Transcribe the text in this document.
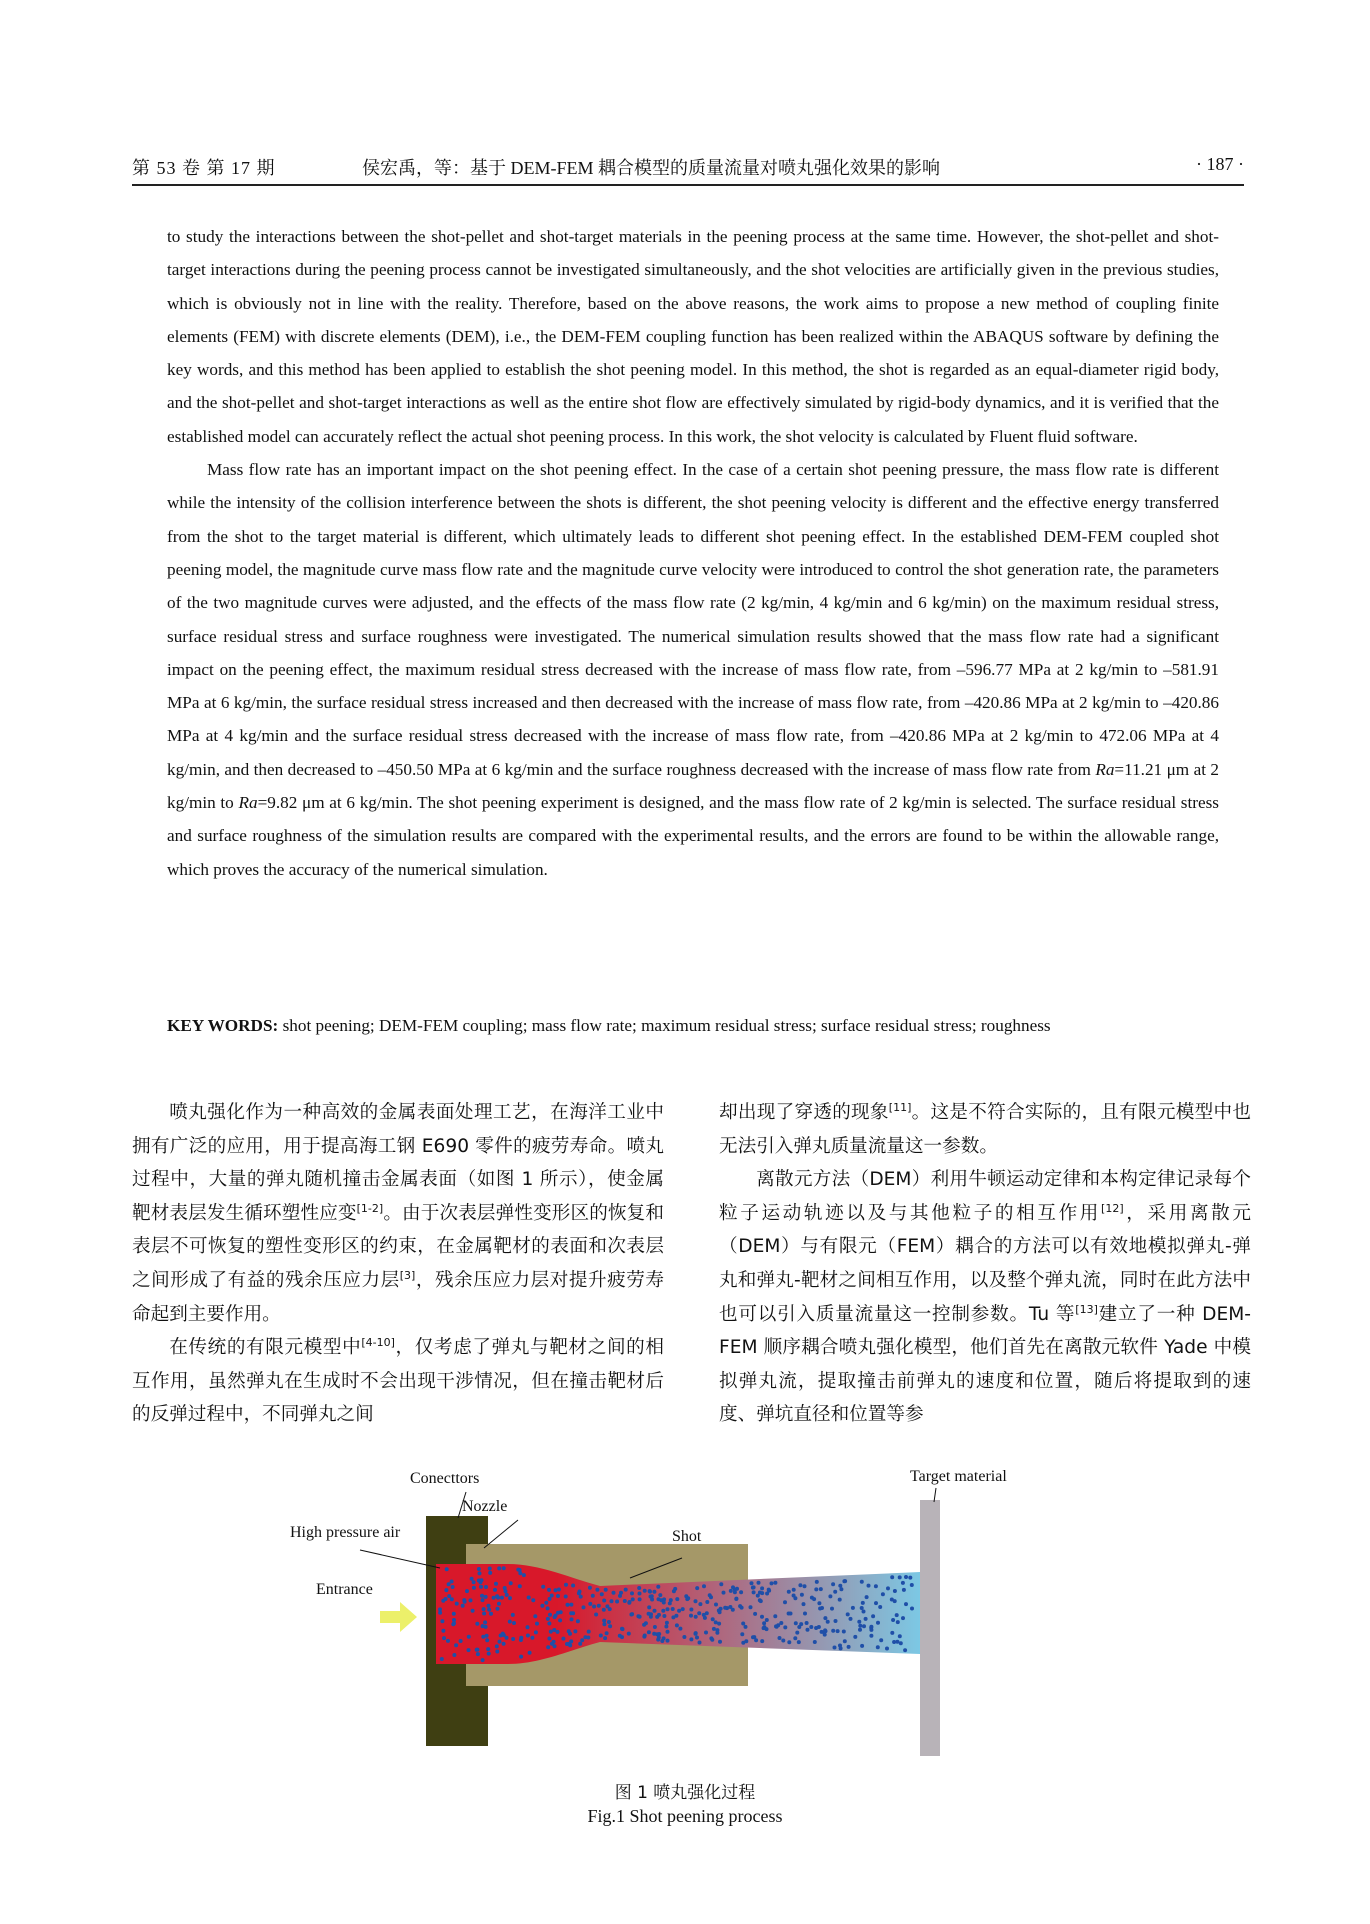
第 53 卷 第 17 期	侯宏禹，等：基于 DEM-FEM 耦合模型的质量流量对喷丸强化效果的影响	· 187 ·

to study the interactions between the shot-pellet and shot-target materials in the peening process at the same time. However, the shot-pellet and shot-target interactions during the peening process cannot be investigated simultaneously, and the shot velocities are artificially given in the previous studies, which is obviously not in line with the reality. Therefore, based on the above reasons, the work aims to propose a new method of coupling finite elements (FEM) with discrete elements (DEM), i.e., the DEM-FEM coupling function has been realized within the ABAQUS software by defining the key words, and this method has been applied to establish the shot peening model. In this method, the shot is regarded as an equal-diameter rigid body, and the shot-pellet and shot-target interactions as well as the entire shot flow are effectively simulated by rigid-body dynamics, and it is verified that the established model can accurately reflect the actual shot peening process. In this work, the shot velocity is calculated by Fluent fluid software.

Mass flow rate has an important impact on the shot peening effect. In the case of a certain shot peening pressure, the mass flow rate is different while the intensity of the collision interference between the shots is different, the shot peening velocity is different and the effective energy transferred from the shot to the target material is different, which ultimately leads to different shot peening effect. In the established DEM-FEM coupled shot peening model, the magnitude curve mass flow rate and the magnitude curve velocity were introduced to control the shot generation rate, the parameters of the two magnitude curves were adjusted, and the effects of the mass flow rate (2 kg/min, 4 kg/min and 6 kg/min) on the maximum residual stress, surface residual stress and surface roughness were investigated. The numerical simulation results showed that the mass flow rate had a significant impact on the peening effect, the maximum residual stress decreased with the increase of mass flow rate, from –596.77 MPa at 2 kg/min to –581.91 MPa at 6 kg/min, the surface residual stress increased and then decreased with the increase of mass flow rate, from –420.86 MPa at 2 kg/min to –420.86 MPa at 4 kg/min and the surface residual stress decreased with the increase of mass flow rate, from –420.86 MPa at 2 kg/min to 472.06 MPa at 4 kg/min, and then decreased to –450.50 MPa at 6 kg/min and the surface roughness decreased with the increase of mass flow rate from Ra=11.21 μm at 2 kg/min to Ra=9.82 μm at 6 kg/min. The shot peening experiment is designed, and the mass flow rate of 2 kg/min is selected. The surface residual stress and surface roughness of the simulation results are compared with the experimental results, and the errors are found to be within the allowable range, which proves the accuracy of the numerical simulation.

KEY WORDS: shot peening; DEM-FEM coupling; mass flow rate; maximum residual stress; surface residual stress; roughness

喷丸强化作为一种高效的金属表面处理工艺，在海洋工业中拥有广泛的应用，用于提高海工钢 E690 零件的疲劳寿命。喷丸过程中，大量的弹丸随机撞击金属表面（如图 1 所示），使金属靶材表层发生循环塑性应变[1-2]。由于次表层弹性变形区的恢复和表层不可恢复的塑性变形区的约束，在金属靶材的表面和次表层之间形成了有益的残余压应力层[3]，残余压应力层对提升疲劳寿命起到主要作用。

在传统的有限元模型中[4-10]，仅考虑了弹丸与靶材之间的相互作用，虽然弹丸在生成时不会出现干涉情况，但在撞击靶材后的反弹过程中，不同弹丸之间

却出现了穿透的现象[11]。这是不符合实际的，且有限元模型中也无法引入弹丸质量流量这一参数。

离散元方法（DEM）利用牛顿运动定律和本构定律记录每个粒子运动轨迹以及与其他粒子的相互作用[12]，采用离散元（DEM）与有限元（FEM）耦合的方法可以有效地模拟弹丸-弹丸和弹丸-靶材之间相互作用，以及整个弹丸流，同时在此方法中也可以引入质量流量这一控制参数。Tu 等[13]建立了一种 DEM-FEM 顺序耦合喷丸强化模型，他们首先在离散元软件 Yade 中模拟弹丸流，提取撞击前弹丸的速度和位置，随后将提取到的速度、弹坑直径和位置等参

Conecttors
Nozzle
Target material
High pressure air	Shot
Entrance
图 1 喷丸强化过程
Fig.1 Shot peening process
